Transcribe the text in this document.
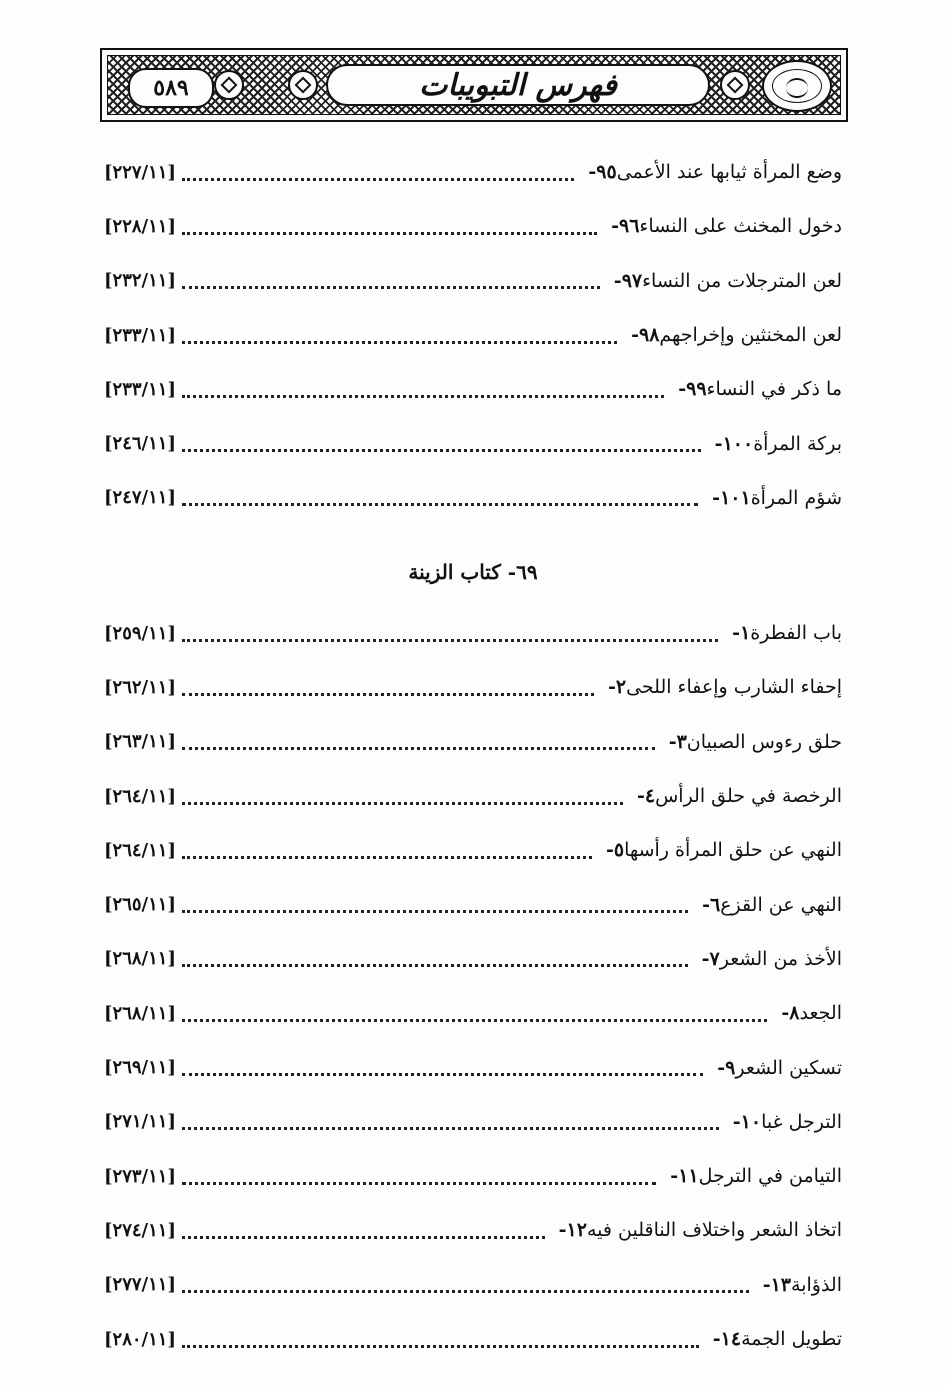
٥٨٩	فهرس التبويبات
[٢٢٧/١١]	٩٥- وضع المرأة ثيابها عند الأعمى
[٢٢٨/١١]	٩٦- دخول المخنث على النساء
[٢٣٢/١١]	٩٧- لعن المترجلات من النساء
[٢٣٣/١١]	٩٨- لعن المخنثين وإخراجهم
[٢٣٣/١١]	٩٩- ما ذكر في النساء
[٢٤٦/١١]	١٠٠- بركة المرأة
[٢٤٧/١١]	١٠١- شؤم المرأة
٦٩- كتاب الزينة
[٢٥٩/١١]	١- باب الفطرة
[٢٦٢/١١]	٢- إحفاء الشارب وإعفاء اللحى
[٢٦٣/١١]	٣- حلق رءوس الصبيان
[٢٦٤/١١]	٤- الرخصة في حلق الرأس
[٢٦٤/١١]	٥- النهي عن حلق المرأة رأسها
[٢٦٥/١١]	٦- النهي عن القزع
[٢٦٨/١١]	٧- الأخذ من الشعر
[٢٦٨/١١]	٨- الجعد
[٢٦٩/١١]	٩- تسكين الشعر
[٢٧١/١١]	١٠- الترجل غبا
[٢٧٣/١١]	١١- التيامن في الترجل
[٢٧٤/١١]	١٢- اتخاذ الشعر واختلاف الناقلين فيه
[٢٧٧/١١]	١٣- الذؤابة
[٢٨٠/١١]	١٤- تطويل الجمة
